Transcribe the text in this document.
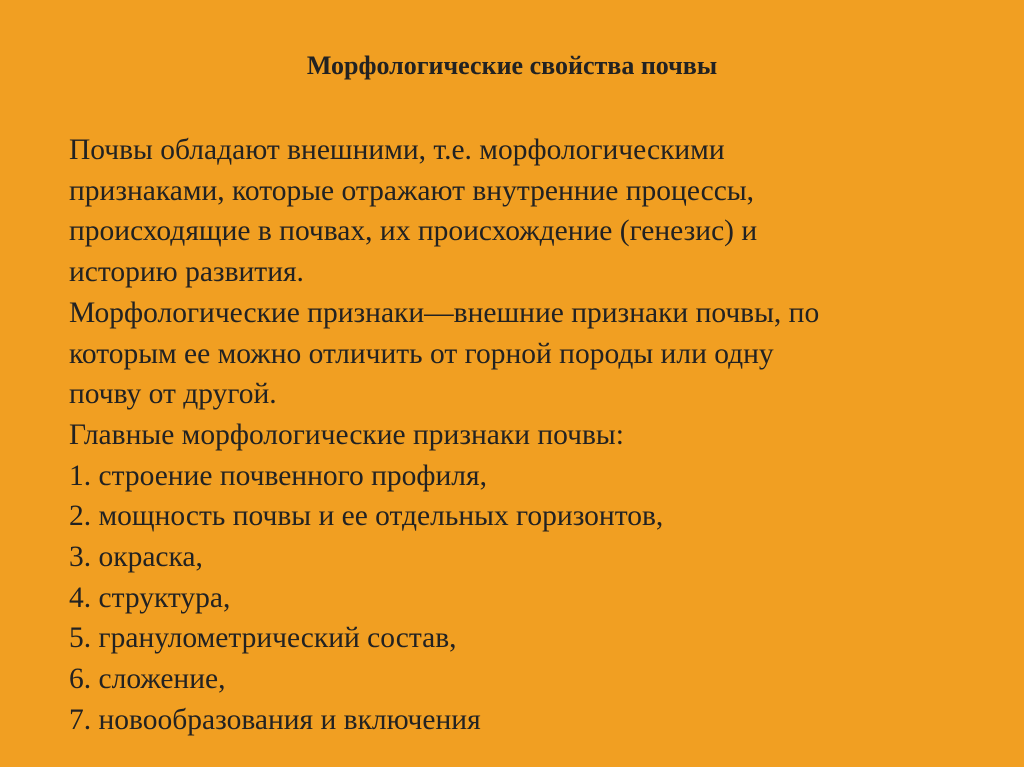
Морфологические свойства почвы
Почвы обладают внешними, т.е. морфологическими
признаками, которые отражают внутренние процессы,
происходящие в почвах, их происхождение (генезис) и
историю развития.
Морфологические признаки—внешние признаки почвы, по
которым ее можно отличить от горной породы или одну
почву от другой.
Главные морфологические признаки почвы:
1. строение почвенного профиля,
2. мощность почвы и ее отдельных горизонтов,
3. окраска,
4. структура,
5. гранулометрический состав,
6. сложение,
7. новообразования и включения
